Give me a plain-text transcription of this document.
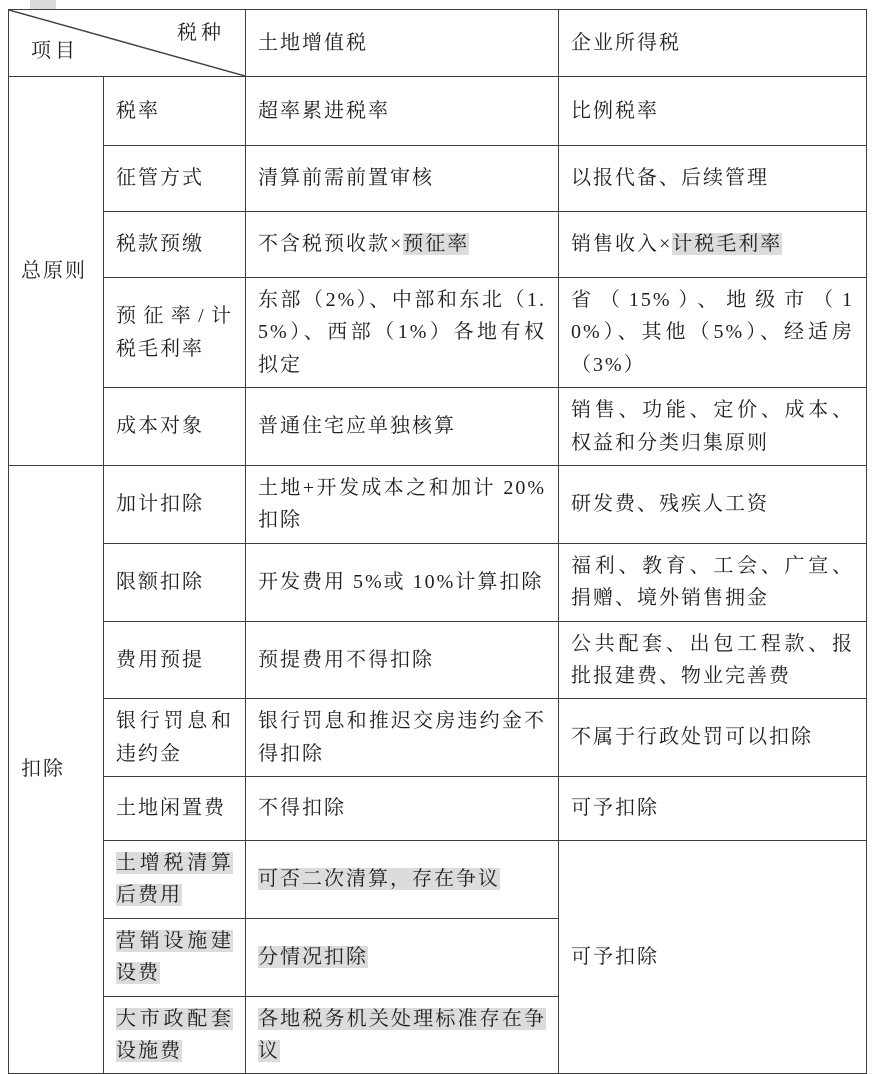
税种
项目		土地增值税	企业所得税
总原则	税率	超率累进税率	比例税率
	征管方式	清算前需前置审核	以报代备、后续管理
	税款预缴	不含税预收款×预征率	销售收入×计税毛利率
	预征率/计税毛利率	东部（2%）、中部和东北（1.5%）、西部（1%）各地有权拟定	省（15%）、地级市（10%）、其他（5%）、经适房（3%）
	成本对象	普通住宅应单独核算	销售、功能、定价、成本、权益和分类归集原则
扣除	加计扣除	土地+开发成本之和加计 20%扣除	研发费、残疾人工资
	限额扣除	开发费用 5%或 10%计算扣除	福利、教育、工会、广宣、捐赠、境外销售拥金
	费用预提	预提费用不得扣除	公共配套、出包工程款、报批报建费、物业完善费
	银行罚息和违约金	银行罚息和推迟交房违约金不得扣除	不属于行政处罚可以扣除
	土地闲置费	不得扣除	可予扣除
	土增税清算后费用	可否二次清算，存在争议	可予扣除
	营销设施建设费	分情况扣除	
	大市政配套设施费	各地税务机关处理标准存在争议	
